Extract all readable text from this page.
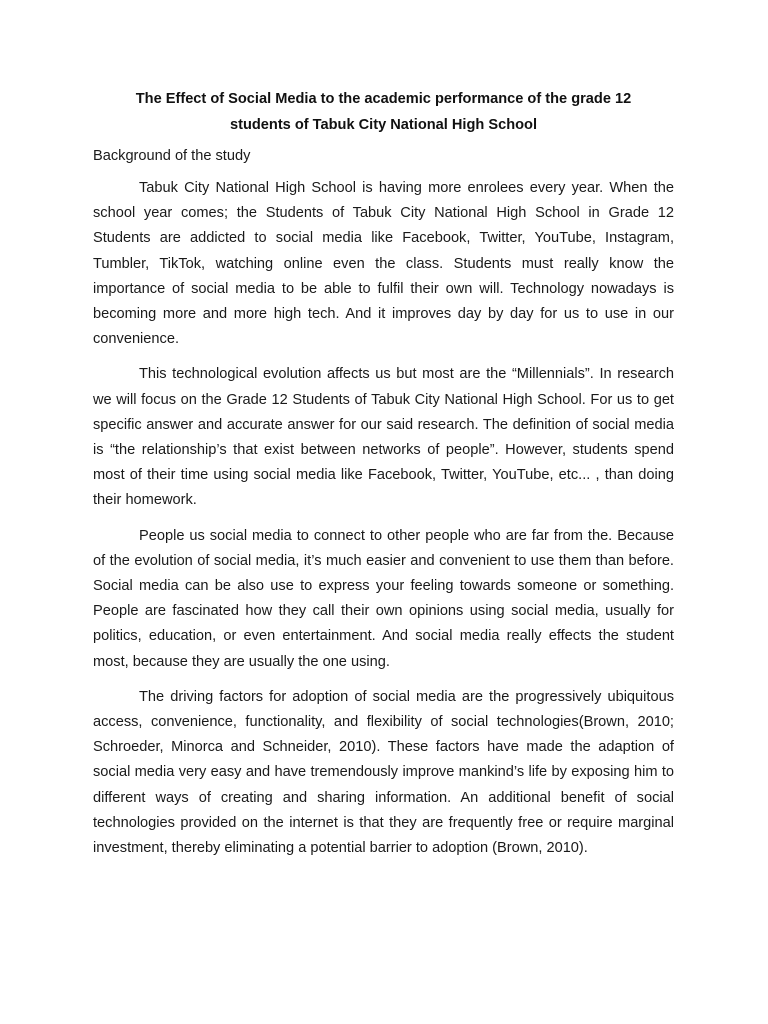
The Effect of Social Media to the academic performance of the grade 12
students of Tabuk City National High School

Background of the study

Tabuk City National High School is having more enrolees every year. When the school year comes; the Students of Tabuk City National High School in Grade 12 Students are addicted to social media like Facebook, Twitter, YouTube, Instagram, Tumbler, TikTok, watching online even the class. Students must really know the importance of social media to be able to fulfil their own will. Technology nowadays is becoming more and more high tech. And it improves day by day for us to use in our convenience.

This technological evolution affects us but most are the “Millennials”. In research we will focus on the Grade 12 Students of Tabuk City National High School. For us to get specific answer and accurate answer for our said research. The definition of social media is “the relationship’s that exist between networks of people”. However, students spend most of their time using social media like Facebook, Twitter, YouTube, etc... , than doing their homework.

People us social media to connect to other people who are far from the. Because of the evolution of social media, it’s much easier and convenient to use them than before. Social media can be also use to express your feeling towards someone or something. People are fascinated how they call their own opinions using social media, usually for politics, education, or even entertainment. And social media really effects the student most, because they are usually the one using.

The driving factors for adoption of social media are the progressively ubiquitous access, convenience, functionality, and flexibility of social technologies(Brown, 2010; Schroeder, Minorca and Schneider, 2010). These factors have made the adaption of social media very easy and have tremendously improve mankind’s life by exposing him to different ways of creating and sharing information. An additional benefit of social technologies provided on the internet is that they are frequently free or require marginal investment, thereby eliminating a potential barrier to adoption (Brown, 2010).
